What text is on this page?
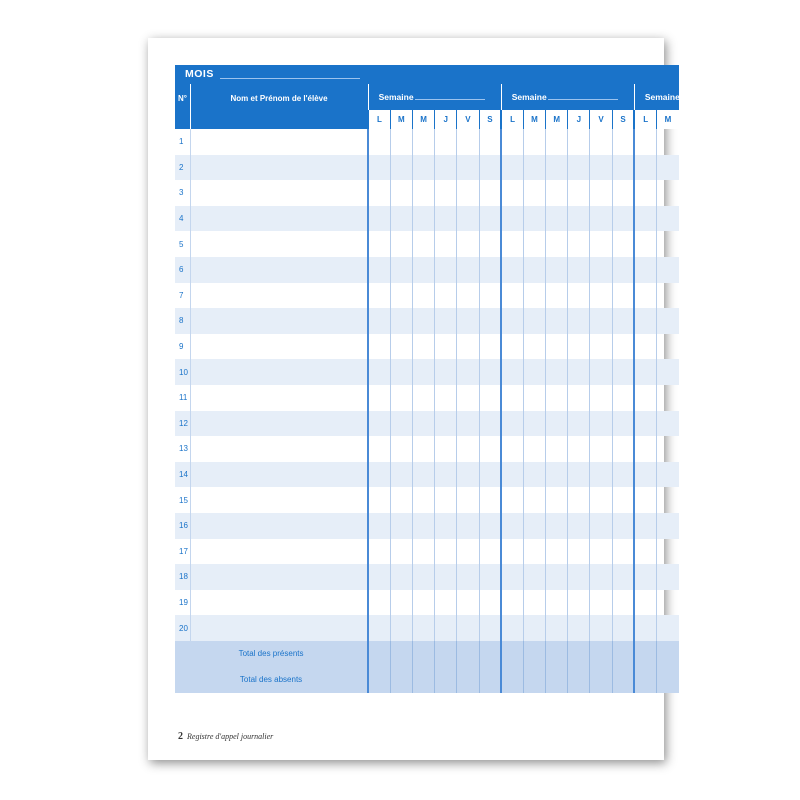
MOIS															
N°	Nom et Prénom de l'élève	Semaine						Semaine						Semaine	
		L	M	M	J	V	S	L	M	M	J	V	S	L	M
1															
2															
3															
4															
5															
6															
7															
8															
9															
10															
11															
12															
13															
14															
15															
16															
17															
18															
19															
20															
Total des présents															
Total des absents															
2 Registre d'appel journalier
